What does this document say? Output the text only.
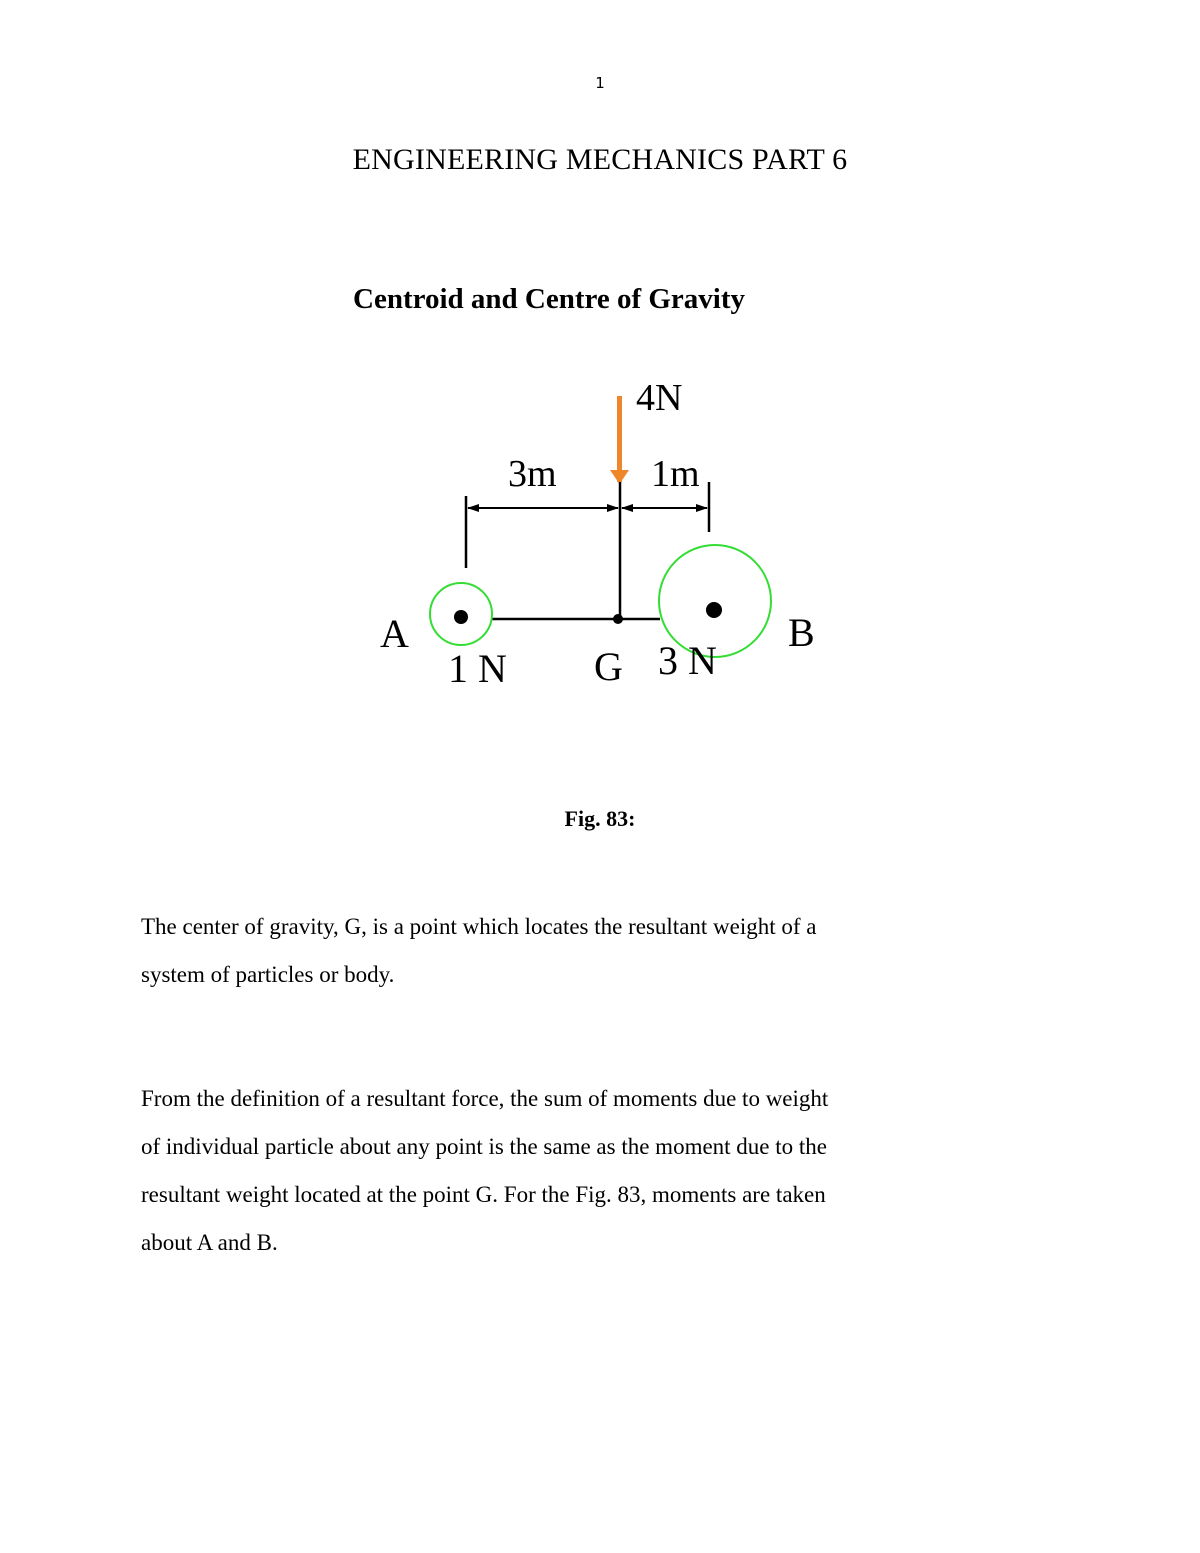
1
ENGINEERING MECHANICS PART 6
Centroid and Centre of Gravity
4N
3m 1m
A	B
G
1 N	3 N
Fig. 83:

The center of gravity, G, is a point which locates the resultant weight of a
system of particles or body.

From the definition of a resultant force, the sum of moments due to weight
of individual particle about any point is the same as the moment due to the
resultant weight located at the point G. For the Fig. 83, moments are taken
about A and B.
